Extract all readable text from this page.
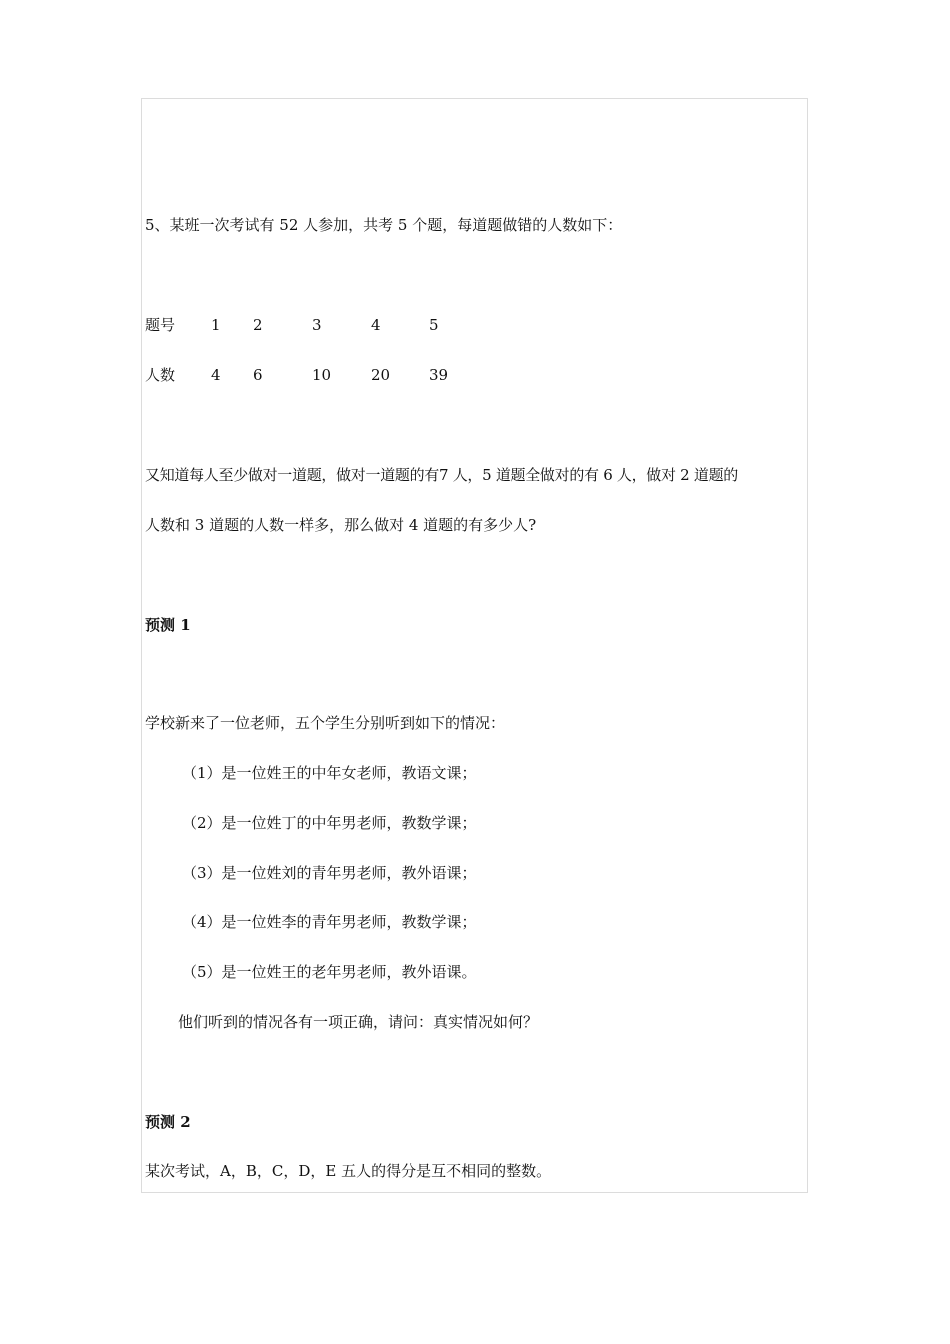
5、某班一次考试有 52 人参加，共考 5 个题，每道题做错的人数如下：
题号 1 2	3	4	5
人数 4 6	10	20	39
又知道每人至少做对一道题，做对一道题的有7 人，5 道题全做对的有 6 人，做对 2 道题的
人数和 3 道题的人数一样多，那么做对 4 道题的有多少人?
预测 1
学校新来了一位老师，五个学生分别听到如下的情况：
（1）是一位姓王的中年女老师，教语文课；
（2）是一位姓丁的中年男老师，教数学课；
（3）是一位姓刘的青年男老师，教外语课；
（4）是一位姓李的青年男老师，教数学课；
（5）是一位姓王的老年男老师，教外语课。
他们听到的情况各有一项正确，请问：真实情况如何？
预测 2
某次考试，A，B，C，D，E 五人的得分是互不相同的整数。
